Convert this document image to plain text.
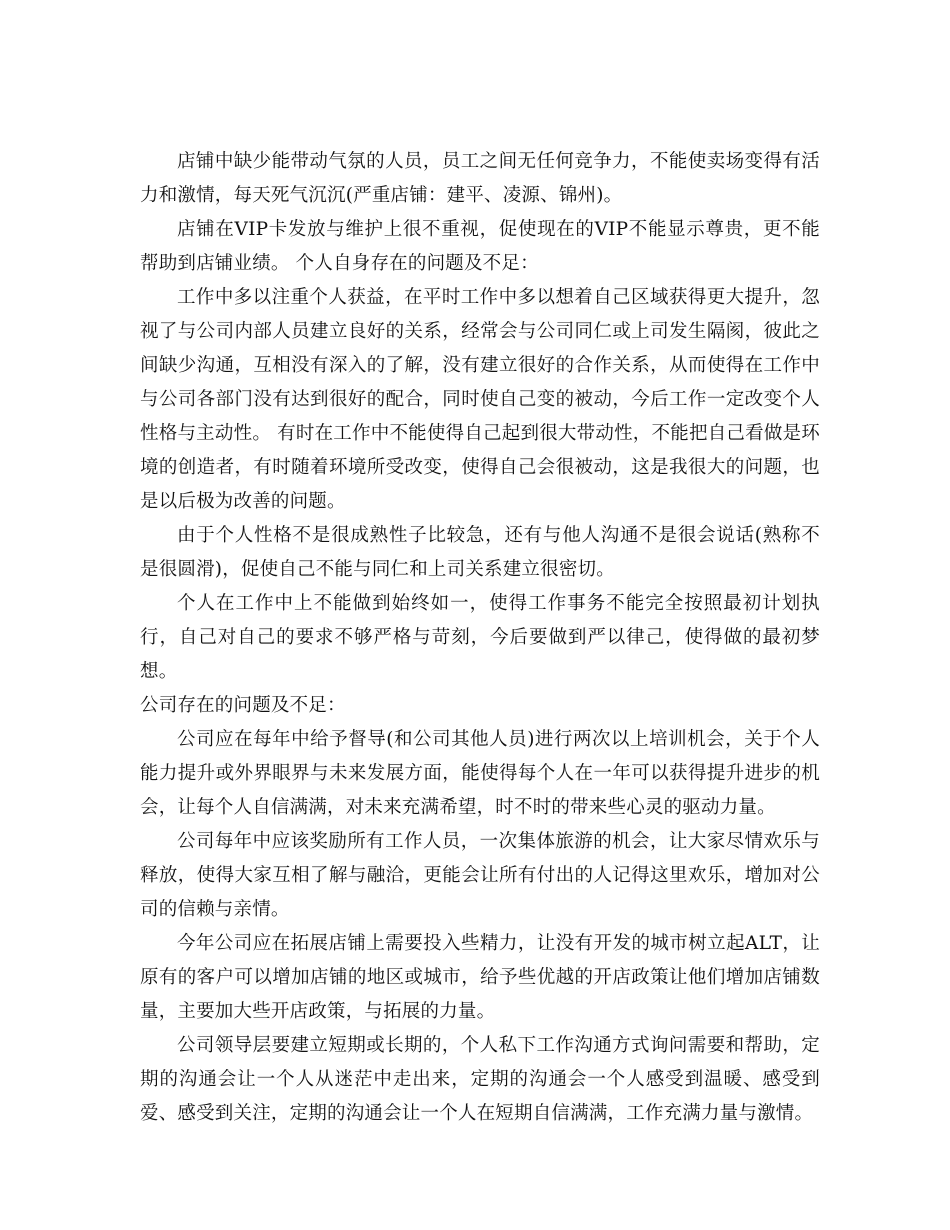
店铺中缺少能带动气氛的人员，员工之间无任何竞争力，不能使卖场变得有活力和激情，每天死气沉沉(严重店铺：建平、凌源、锦州)。

店铺在VIP卡发放与维护上很不重视，促使现在的VIP不能显示尊贵，更不能帮助到店铺业绩。 个人自身存在的问题及不足：

工作中多以注重个人获益，在平时工作中多以想着自己区域获得更大提升，忽视了与公司内部人员建立良好的关系，经常会与公司同仁或上司发生隔阂，彼此之间缺少沟通，互相没有深入的了解，没有建立很好的合作关系，从而使得在工作中与公司各部门没有达到很好的配合，同时使自己变的被动，今后工作一定改变个人性格与主动性。 有时在工作中不能使得自己起到很大带动性，不能把自己看做是环境的创造者，有时随着环境所受改变，使得自己会很被动，这是我很大的问题，也是以后极为改善的问题。

由于个人性格不是很成熟性子比较急，还有与他人沟通不是很会说话(熟称不是很圆滑)，促使自己不能与同仁和上司关系建立很密切。

个人在工作中上不能做到始终如一，使得工作事务不能完全按照最初计划执行，自己对自己的要求不够严格与苛刻，今后要做到严以律己，使得做的最初梦想。

公司存在的问题及不足：

公司应在每年中给予督导(和公司其他人员)进行两次以上培训机会，关于个人能力提升或外界眼界与未来发展方面，能使得每个人在一年可以获得提升进步的机会，让每个人自信满满，对未来充满希望，时不时的带来些心灵的驱动力量。

公司每年中应该奖励所有工作人员，一次集体旅游的机会，让大家尽情欢乐与释放，使得大家互相了解与融洽，更能会让所有付出的人记得这里欢乐，增加对公司的信赖与亲情。

今年公司应在拓展店铺上需要投入些精力，让没有开发的城市树立起ALT，让原有的客户可以增加店铺的地区或城市，给予些优越的开店政策让他们增加店铺数量，主要加大些开店政策，与拓展的力量。

公司领导层要建立短期或长期的，个人私下工作沟通方式询问需要和帮助，定期的沟通会让一个人从迷茫中走出来，定期的沟通会一个人感受到温暖、感受到爱、感受到关注，定期的沟通会让一个人在短期自信满满，工作充满力量与激情。
